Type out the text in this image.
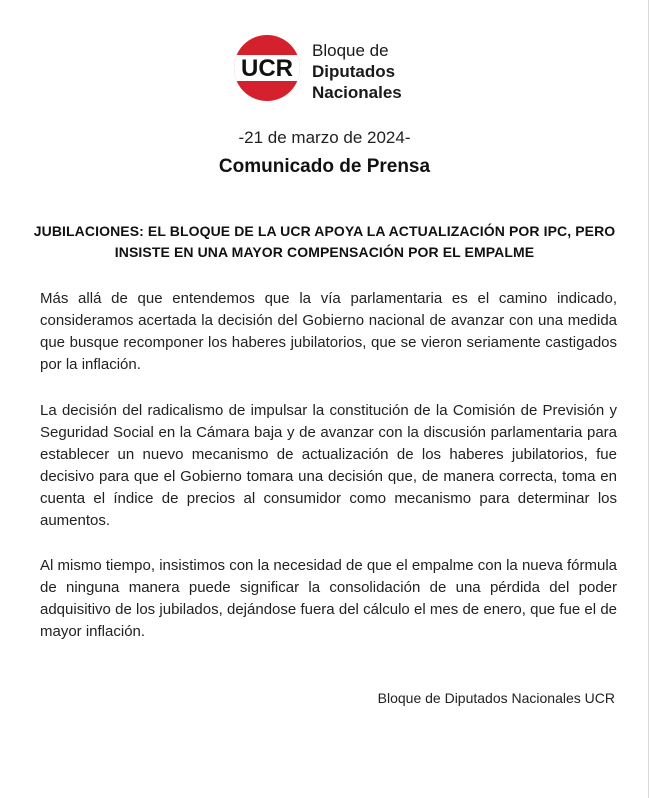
UCR
Bloque de
Diputados
Nacionales
-21 de marzo de 2024-
Comunicado de Prensa
JUBILACIONES: EL BLOQUE DE LA UCR APOYA LA ACTUALIZACIÓN POR IPC, PERO INSISTE EN UNA MAYOR COMPENSACIÓN POR EL EMPALME
Más allá de que entendemos que la vía parlamentaria es el camino indicado, consideramos acertada la decisión del Gobierno nacional de avanzar con una medida que busque recomponer los haberes jubilatorios, que se vieron seriamente castigados por la inflación.
La decisión del radicalismo de impulsar la constitución de la Comisión de Previsión y Seguridad Social en la Cámara baja y de avanzar con la discusión parlamentaria para establecer un nuevo mecanismo de actualización de los haberes jubilatorios, fue decisivo para que el Gobierno tomara una decisión que, de manera correcta, toma en cuenta el índice de precios al consumidor como mecanismo para determinar los aumentos.
Al mismo tiempo, insistimos con la necesidad de que el empalme con la nueva fórmula de ninguna manera puede significar la consolidación de una pérdida del poder adquisitivo de los jubilados, dejándose fuera del cálculo el mes de enero, que fue el de mayor inflación.
Bloque de Diputados Nacionales UCR
